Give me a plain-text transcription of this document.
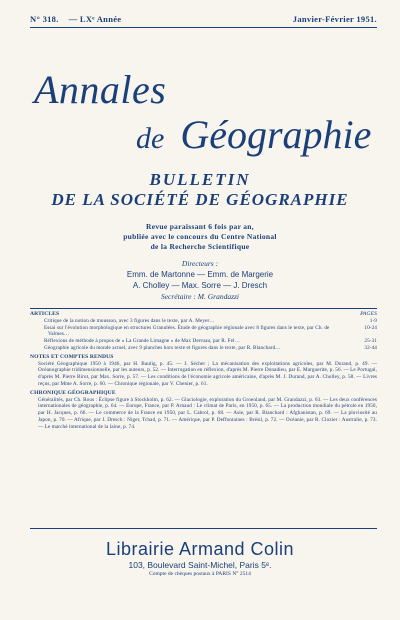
N° 318. — LXᵉ Année	Janvier-Février 1951.
Annales
de Géographie
BULLETIN
DE LA SOCIÉTÉ DE GÉOGRAPHIE
Revue paraissant 6 fois par an,
publiée avec le concours du Centre National
de la Recherche Scientifique
Directeurs :
Emm. de Martonne — Emm. de Margerie
A. Cholley — Max. Sorre — J. Dresch
Secrétaire : M. Grandazzi
ARTICLES	PAGES
Critique de la notion de mousson, avec 3 figures dans le texte, par A. Meyer…	1-9
Essai sur l'évolution morphologique en structures Granulées. Étude de géographie régionale avec 8 figures dans le texte, par Ch. de Valmes…
10-24
Réflexions de méthode à propos de « La Grande Limagne » de Max Derruau, par R. Fel…	25-31
Géographie agricole du monde actuel, avec 9 planches hors texte et figures dans le texte, par R. Blanchard…	32-44
NOTES ET COMPTES RENDUS
Société Géographique 1950 à 1946, par H. Baulig, p. 45. — J. Sécher ; La mécanisation des exploitations agricoles, par M. Durand, p. 49. — Océanographie tridimensionnelle, par les auteurs, p. 52. — Interrogation en réflexion, d'après M. Pierre Donadieu, par E. Marguerite, p. 56. — Le Portugal, d'après M. Pierre Birot, par Max. Sorre, p. 57. — Les conditions de l'économie agricole américaine, d'après M. J. Durand, par A. Cholley, p. 58. — Livres reçus, par Mme A. Sorre, p. 60. — Chronique régionale, par V. Chenier, p. 61.
CHRONIQUE GÉOGRAPHIQUE
Généralités, par Ch. Rous : Éclipse figure à Stockholm, p. 62. — Glaciologie, exploration du Groenland, par M. Grandazzi, p. 63. — Les deux conférences internationales de géographie, p. 64. — Europe, France, par P. Arnaud : Le climat de Paris, en 1950, p. 65. — La production mondiale du pétrole en 1950, par H. Jacques, p. 66. — Le commerce de la France en 1950, par L. Cabrol, p. 68. — Asie, par R. Blanchard : Afghanistan, p. 69. — La pluviosité au Japon, p. 70. — Afrique, par J. Dresch : Niger, Tchad, p. 71. — Amérique, par P. Deffontaines : Brésil, p. 72. — Océanie, par R. Clozier : Australie, p. 73. — Le marché international de la laine, p. 74.
Librairie Armand Colin
103, Boulevard Saint-Michel, Paris 5ᵉ.
Compte de chèques postaux à PARIS N° 2514
